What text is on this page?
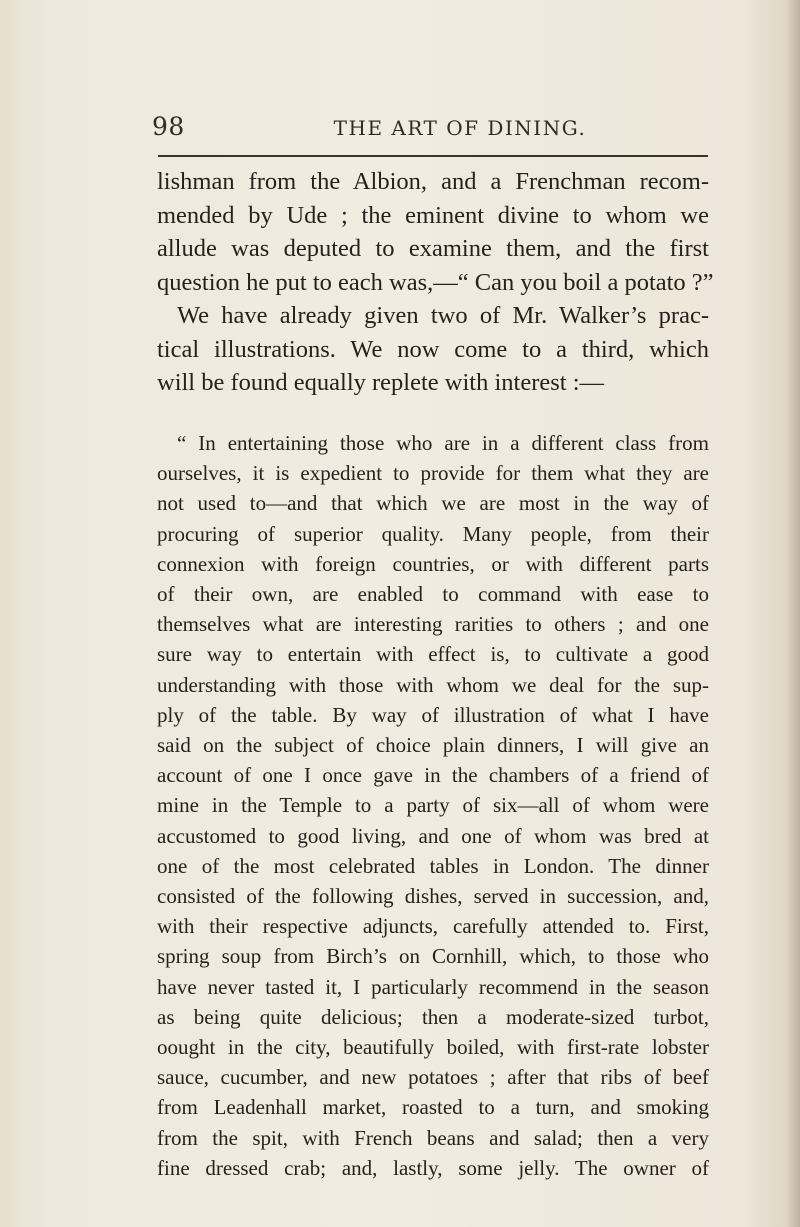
98	THE ART OF DINING.
lishman from the Albion, and a Frenchman recom-
mended by Ude ; the eminent divine to whom we
allude was deputed to examine them, and the first
question he put to each was,—“ Can you boil a potato ?”
We have already given two of Mr. Walker’s prac-
tical illustrations. We now come to a third, which
will be found equally replete with interest :—
“ In entertaining those who are in a different class from
ourselves, it is expedient to provide for them what they are
not used to—and that which we are most in the way of
procuring of superior quality. Many people, from their
connexion with foreign countries, or with different parts
of their own, are enabled to command with ease to
themselves what are interesting rarities to others ; and one
sure way to entertain with effect is, to cultivate a good
understanding with those with whom we deal for the sup-
ply of the table. By way of illustration of what I have
said on the subject of choice plain dinners, I will give an
account of one I once gave in the chambers of a friend of
mine in the Temple to a party of six—all of whom were
accustomed to good living, and one of whom was bred at
one of the most celebrated tables in London. The dinner
consisted of the following dishes, served in succession, and,
with their respective adjuncts, carefully attended to. First,
spring soup from Birch’s on Cornhill, which, to those who
have never tasted it, I particularly recommend in the season
as being quite delicious; then a moderate-sized turbot,
oought in the city, beautifully boiled, with first-rate lobster
sauce, cucumber, and new potatoes ; after that ribs of beef
from Leadenhall market, roasted to a turn, and smoking
from the spit, with French beans and salad; then a very
fine dressed crab; and, lastly, some jelly. The owner of
